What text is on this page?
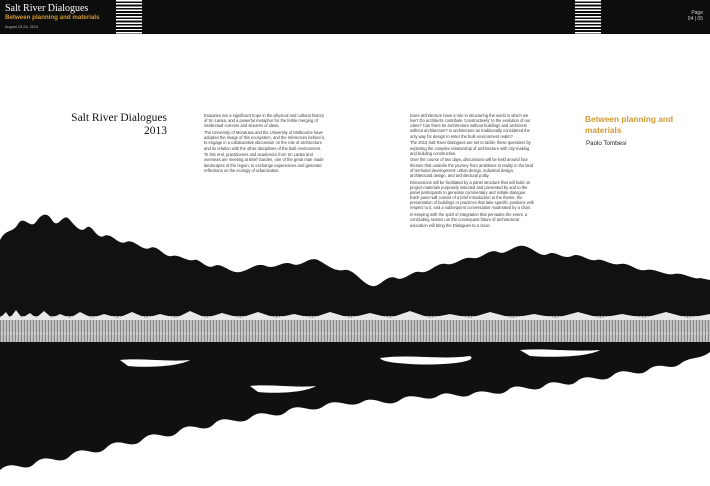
Salt River Dialogues
Between planning and materials
August 23-24, 2013
Page
04 | 05
Salt River Dialogues
2013

Estuaries are a significant trope in the physical and cultural history of Sri Lanka, and a powerful metaphor for the fertile merging of intellectual currents and streams of ideas.

The University of Moratuwa and the University of Melbourne have adopted the image of this ecosystem, and the references behind it, to engage in a collaborative discussion on the role of architecture and its relation with the other disciplines of the built environment.

To this end, practitioners and academics from Sri Lanka and overseas are meeting at Brief Garden, one of the great man made landscapes of the region, to exchange experiences and generate reflections on the ecology of urbanization.

Does architecture have a role in structuring the world in which we live? Do architects contribute 'constructively' to the evolution of our cities? Can there be architecture without buildings and architects without architecture? Is architecture as traditionally considered the only way for design to enter the built environment realm?

The 2013 Salt River Dialogues are set to tackle these questions by exploring the complex relationship of architecture with city-making and building construction.

Over the course of two days, discussions will be held around four themes that underlie the journey from ambitions to reality in the land of territorial development: urban design, industrial design, architectural design, and architectural polity.

Discussions will be facilitated by a panel structure that will build on project materials purposely selected and presented by and to the panel participants to generate commentary and initiate dialogue. Each panel will consist of a brief introduction to the theme, the presentation of buildings or practices that take specific positions with respect to it, and a subsequent conversation moderated by a chair.

In keeping with the spirit of integration that pervades the event, a concluding session on the consequent future of architectural education will bring the Dialogues to a close.

Between planning and materials
Paolo Tombesi
